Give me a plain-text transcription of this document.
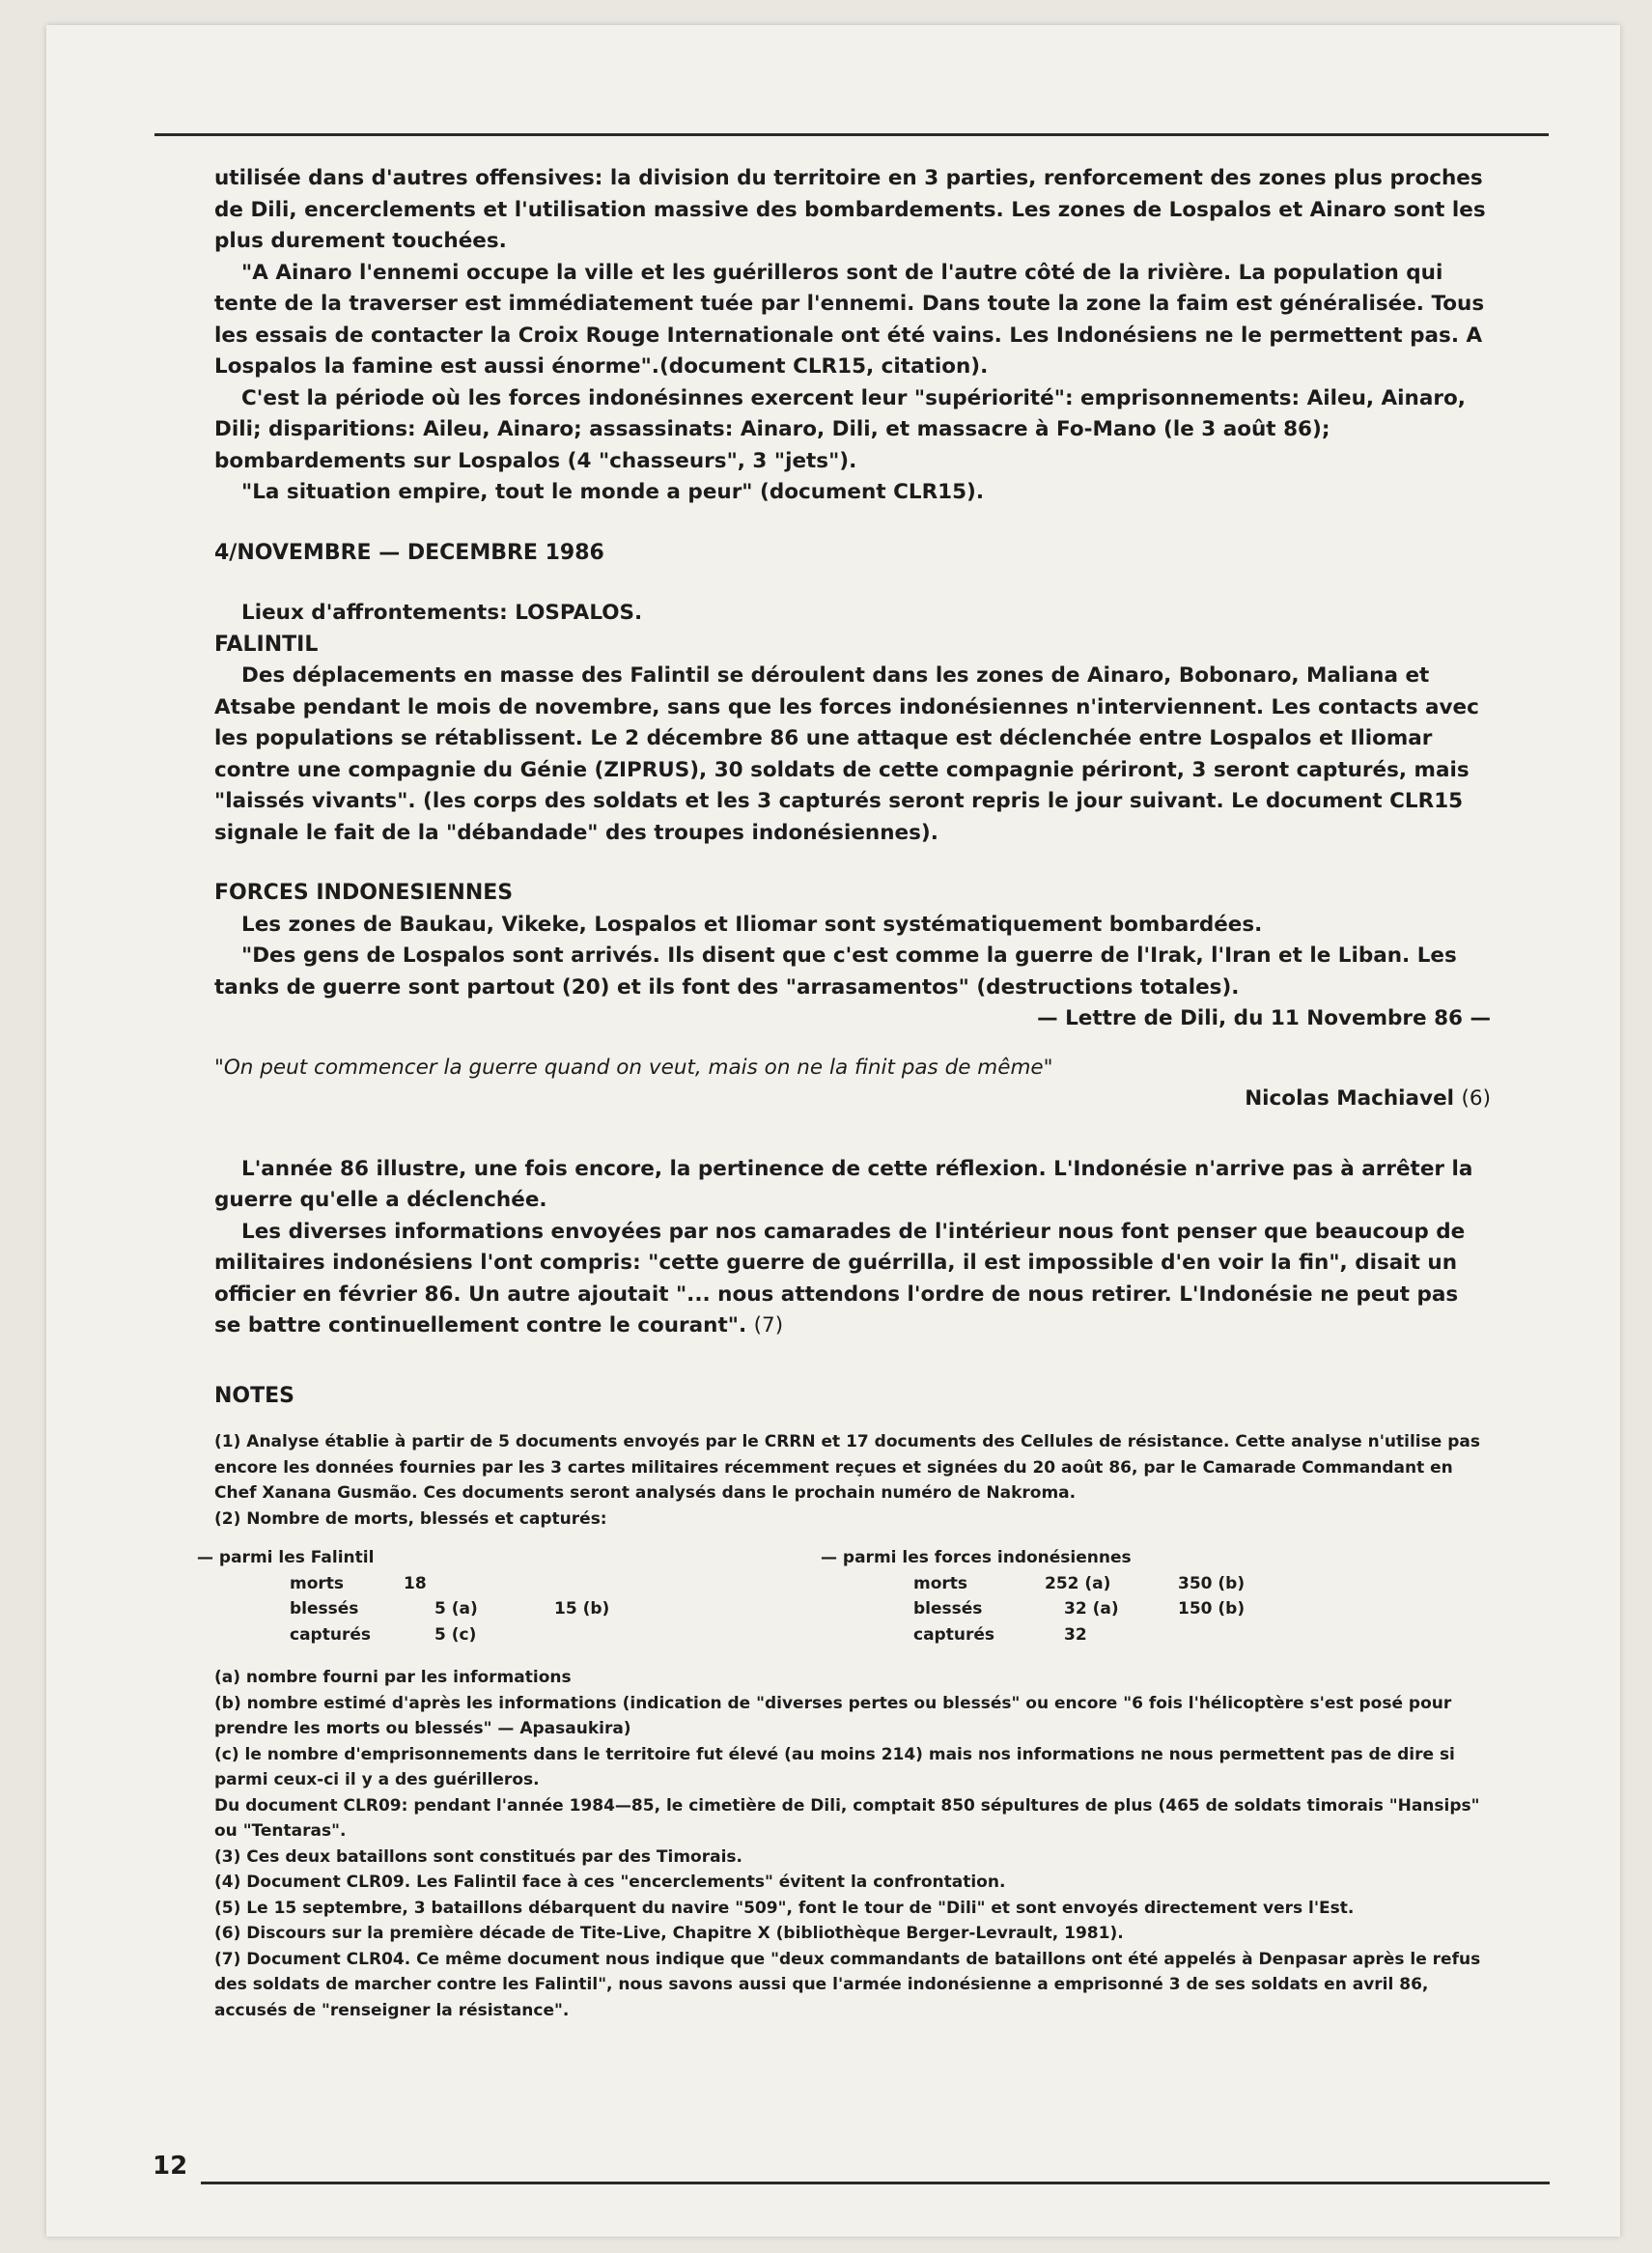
utilisée dans d'autres offensives: la division du territoire en 3 parties, renforcement des zones plus proches de Dili, encerclements et l'utilisation massive des bombardements. Les zones de Lospalos et Ainaro sont les plus durement touchées.

"A Ainaro l'ennemi occupe la ville et les guérilleros sont de l'autre côté de la rivière. La population qui tente de la traverser est immédiatement tuée par l'ennemi. Dans toute la zone la faim est généralisée. Tous les essais de contacter la Croix Rouge Internationale ont été vains. Les Indonésiens ne le permettent pas. A Lospalos la famine est aussi énorme".(document CLR15, citation).

C'est la période où les forces indonésinnes exercent leur "supériorité": emprisonnements: Aileu, Ainaro, Dili; disparitions: Aileu, Ainaro; assassinats: Ainaro, Dili, et massacre à Fo-Mano (le 3 août 86); bombardements sur Lospalos (4 "chasseurs", 3 "jets").

"La situation empire, tout le monde a peur" (document CLR15).

4/NOVEMBRE — DECEMBRE 1986

Lieux d'affrontements: LOSPALOS.

FALINTIL

Des déplacements en masse des Falintil se déroulent dans les zones de Ainaro, Bobonaro, Maliana et Atsabe pendant le mois de novembre, sans que les forces indonésiennes n'interviennent. Les contacts avec les populations se rétablissent. Le 2 décembre 86 une attaque est déclenchée entre Lospalos et Iliomar contre une compagnie du Génie (ZIPRUS), 30 soldats de cette compagnie périront, 3 seront capturés, mais "laissés vivants". (les corps des soldats et les 3 capturés seront repris le jour suivant. Le document CLR15 signale le fait de la "débandade" des troupes indonésiennes).

FORCES INDONESIENNES

Les zones de Baukau, Vikeke, Lospalos et Iliomar sont systématiquement bombardées.

"Des gens de Lospalos sont arrivés. Ils disent que c'est comme la guerre de l'Irak, l'Iran et le Liban. Les tanks de guerre sont partout (20) et ils font des "arrasamentos" (destructions totales).

— Lettre de Dili, du 11 Novembre 86 —

"On peut commencer la guerre quand on veut, mais on ne la finit pas de même"

Nicolas Machiavel (6)

L'année 86 illustre, une fois encore, la pertinence de cette réflexion. L'Indonésie n'arrive pas à arrêter la guerre qu'elle a déclenchée.

Les diverses informations envoyées par nos camarades de l'intérieur nous font penser que beaucoup de militaires indonésiens l'ont compris: "cette guerre de guérrilla, il est impossible d'en voir la fin", disait un officier en février 86. Un autre ajoutait "... nous attendons l'ordre de nous retirer. L'Indonésie ne peut pas se battre continuellement contre le courant". (7)

NOTES

(1) Analyse établie à partir de 5 documents envoyés par le CRRN et 17 documents des Cellules de résistance. Cette analyse n'utilise pas encore les données fournies par les 3 cartes militaires récemment reçues et signées du 20 août 86, par le Camarade Commandant en Chef Xanana Gusmão. Ces documents seront analysés dans le prochain numéro de Nakroma.

(2) Nombre de morts, blessés et capturés:

— parmi les Falintil
morts	18
blessés	5 (a)	15 (b)
capturés	5 (c)
— parmi les forces indonésiennes
morts	252 (a)	350 (b)
blessés	32 (a)	150 (b)
capturés	32

(a) nombre fourni par les informations

(b) nombre estimé d'après les informations (indication de "diverses pertes ou blessés" ou encore "6 fois l'hélicoptère s'est posé pour prendre les morts ou blessés" — Apasaukira)

(c) le nombre d'emprisonnements dans le territoire fut élevé (au moins 214) mais nos informations ne nous permettent pas de dire si parmi ceux-ci il y a des guérilleros.

Du document CLR09: pendant l'année 1984—85, le cimetière de Dili, comptait 850 sépultures de plus (465 de soldats timorais "Hansips" ou "Tentaras".

(3) Ces deux bataillons sont constitués par des Timorais.

(4) Document CLR09. Les Falintil face à ces "encerclements" évitent la confrontation.

(5) Le 15 septembre, 3 bataillons débarquent du navire "509", font le tour de "Dili" et sont envoyés directement vers l'Est.

(6) Discours sur la première décade de Tite-Live, Chapitre X (bibliothèque Berger-Levrault, 1981).

(7) Document CLR04. Ce même document nous indique que "deux commandants de bataillons ont été appelés à Denpasar après le refus des soldats de marcher contre les Falintil", nous savons aussi que l'armée indonésienne a emprisonné 3 de ses soldats en avril 86, accusés de "renseigner la résistance".

12
